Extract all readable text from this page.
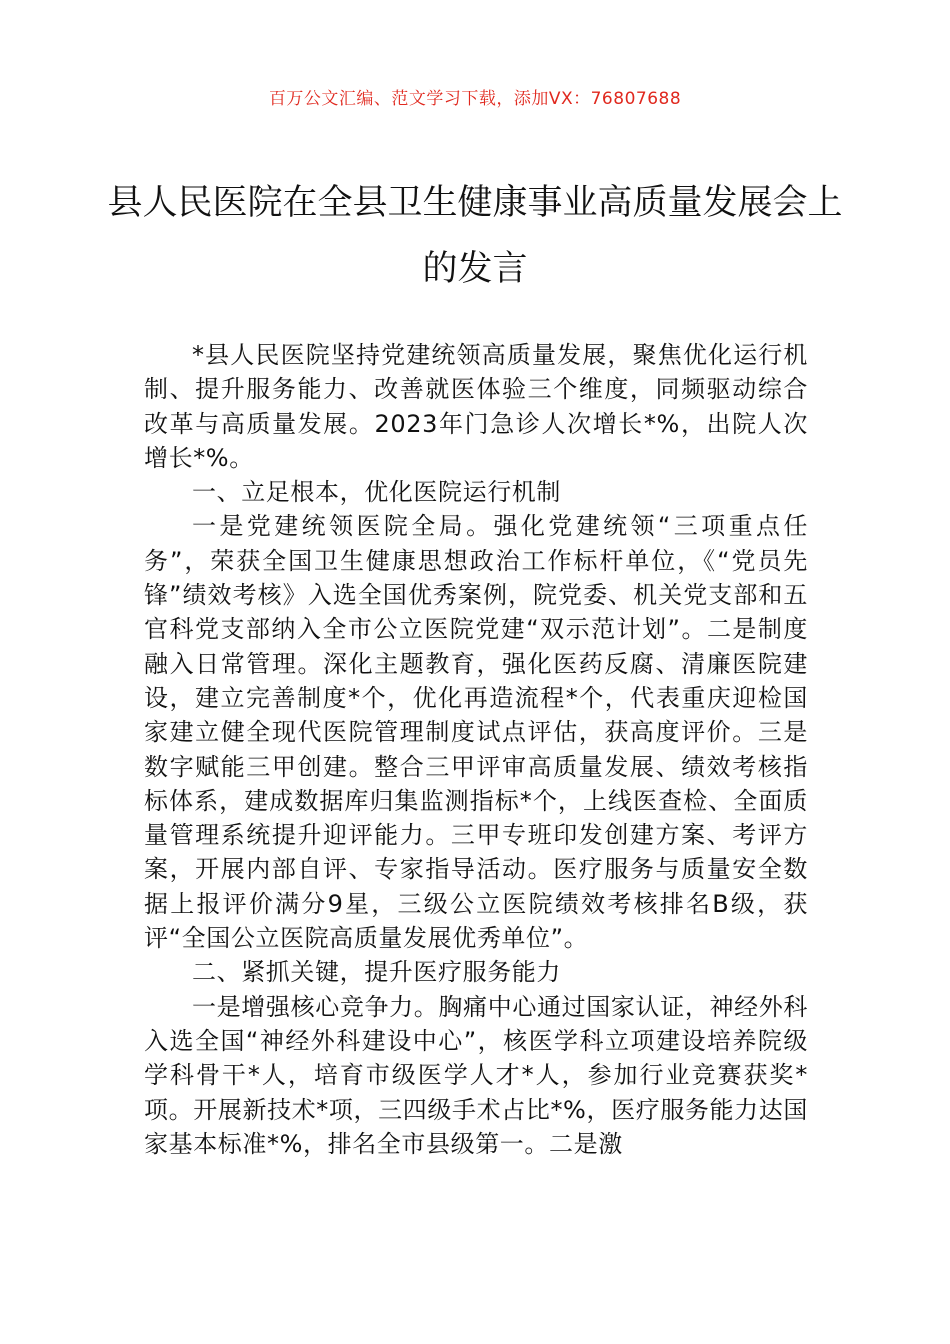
百万公文汇编、范文学习下载，添加VX：76807688
县人民医院在全县卫生健康事业高质量发展会上的发言

*县人民医院坚持党建统领高质量发展，聚焦优化运行机制、提升服务能力、改善就医体验三个维度，同频驱动综合改革与高质量发展。2023年门急诊人次增长*%，出院人次增长*%。

一、立足根本，优化医院运行机制

一是党建统领医院全局。强化党建统领“三项重点任务”，荣获全国卫生健康思想政治工作标杆单位，《“党员先锋”绩效考核》入选全国优秀案例，院党委、机关党支部和五官科党支部纳入全市公立医院党建“双示范计划”。二是制度融入日常管理。深化主题教育，强化医药反腐、清廉医院建设，建立完善制度*个，优化再造流程*个，代表重庆迎检国家建立健全现代医院管理制度试点评估，获高度评价。三是数字赋能三甲创建。整合三甲评审高质量发展、绩效考核指标体系，建成数据库归集监测指标*个，上线医查检、全面质量管理系统提升迎评能力。三甲专班印发创建方案、考评方案，开展内部自评、专家指导活动。医疗服务与质量安全数据上报评价满分9星，三级公立医院绩效考核排名B级，获评“全国公立医院高质量发展优秀单位”。

二、紧抓关键，提升医疗服务能力

一是增强核心竞争力。胸痛中心通过国家认证，神经外科入选全国“神经外科建设中心”，核医学科立项建设培养院级学科骨干*人，培育市级医学人才*人，参加行业竞赛获奖*项。开展新技术*项，三四级手术占比*%，医疗服务能力达国家基本标准*%，排名全市县级第一。二是激
